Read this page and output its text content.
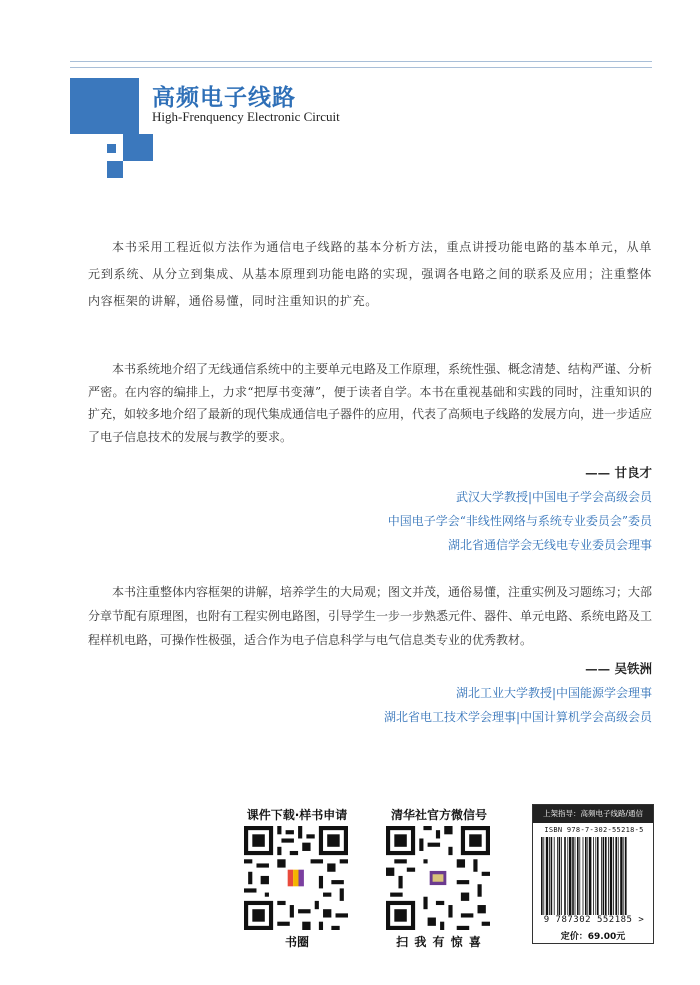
高频电子线路
High-Frenquency Electronic Circuit

本书采用工程近似方法作为通信电子线路的基本分析方法，重点讲授功能电路的基本单元，从单元到系统、从分立到集成、从基本原理到功能电路的实现，强调各电路之间的联系及应用；注重整体内容框架的讲解，通俗易懂，同时注重知识的扩充。

本书系统地介绍了无线通信系统中的主要单元电路及工作原理，系统性强、概念清楚、结构严谨、分析严密。在内容的编排上，力求“把厚书变薄”，便于读者自学。本书在重视基础和实践的同时，注重知识的扩充，如较多地介绍了最新的现代集成通信电子器件的应用，代表了高频电子线路的发展方向，进一步适应了电子信息技术的发展与教学的要求。

—— 甘良才
武汉大学教授|中国电子学会高级会员
中国电子学会“非线性网络与系统专业委员会”委员
湖北省通信学会无线电专业委员会理事

本书注重整体内容框架的讲解，培养学生的大局观；图文并茂，通俗易懂，注重实例及习题练习；大部分章节配有原理图，也附有工程实例电路图，引导学生一步一步熟悉元件、器件、单元电路、系统电路及工程样机电路，可操作性极强，适合作为电子信息科学与电气信息类专业的优秀教材。

—— 吴铁洲
湖北工业大学教授|中国能源学会理事
湖北省电工技术学会理事|中国计算机学会高级会员
课件下载·样书申请
书圈
清华社官方微信号
扫 我 有 惊 喜
上架指导：高频电子线路/通信
ISBN 978-7-302-55218-5
9 787302 552185 >
定价：69.00元
